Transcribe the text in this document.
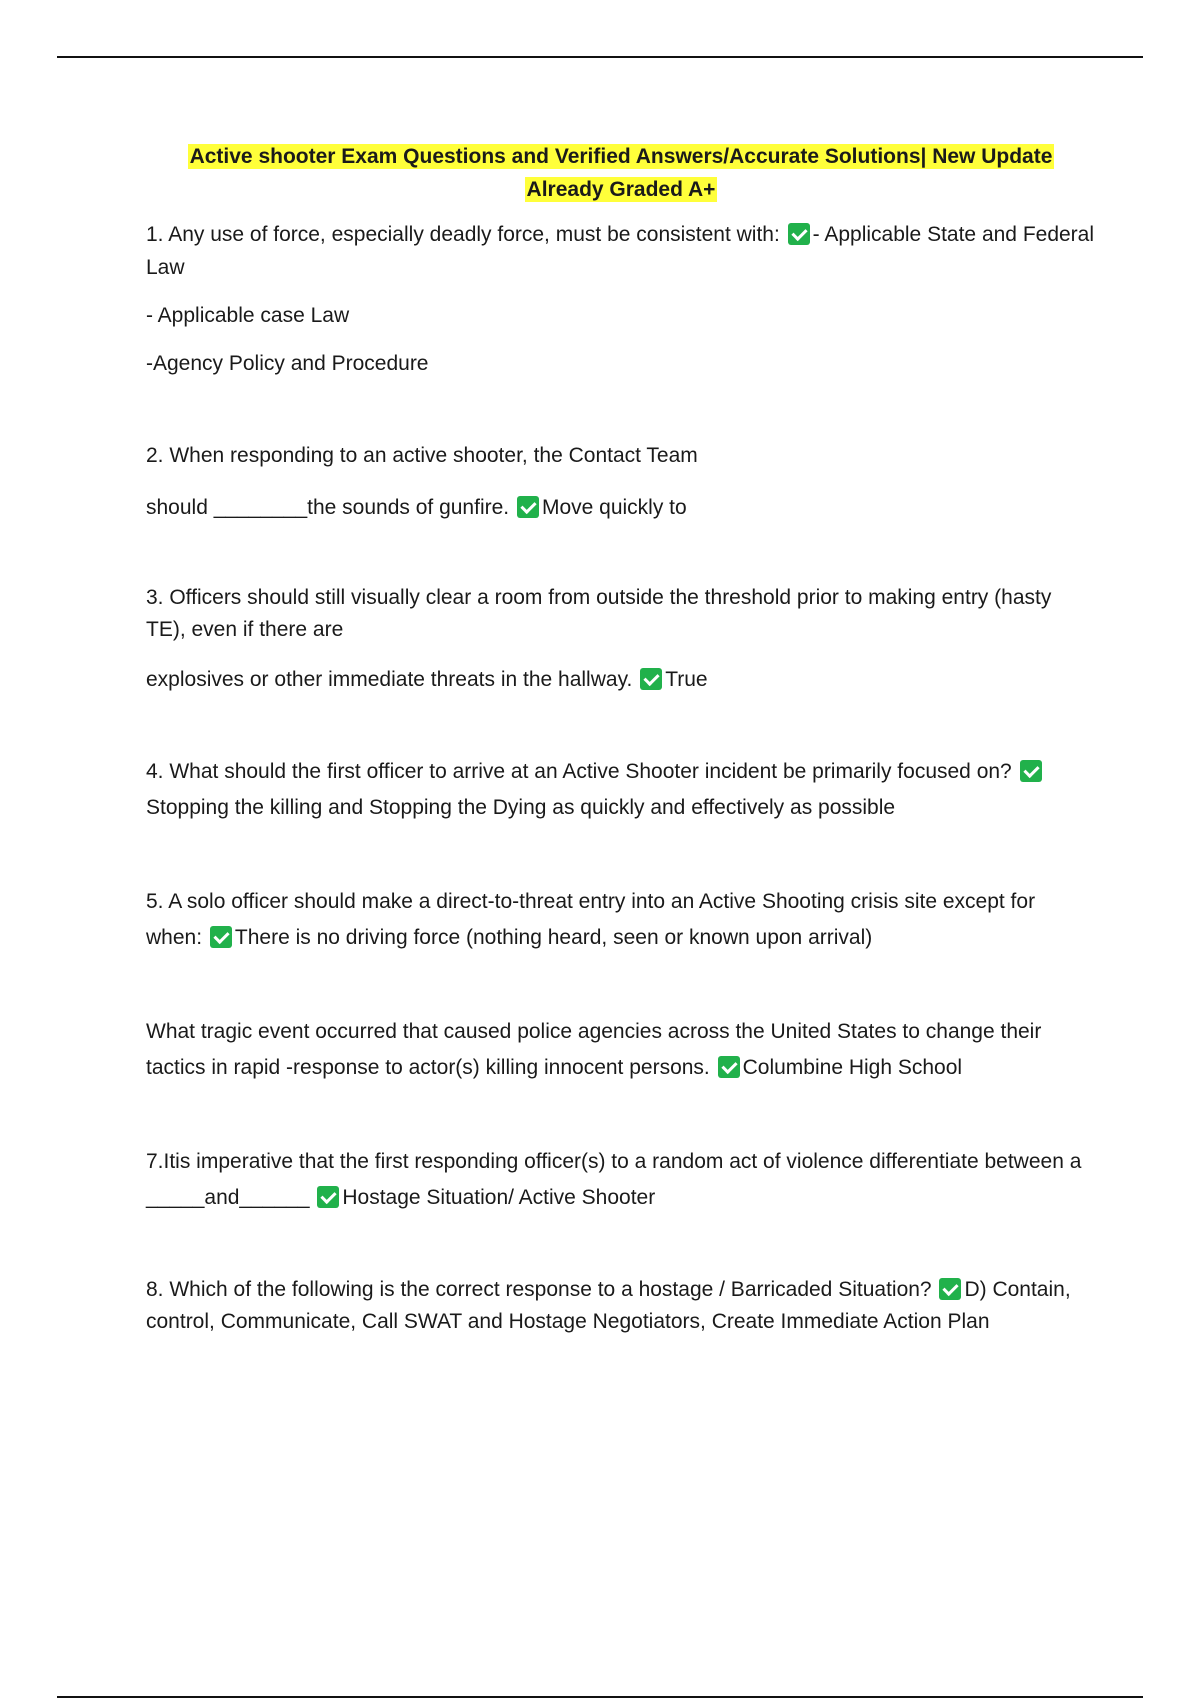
Active shooter Exam Questions and Verified Answers/Accurate Solutions| New Update
Already Graded A+

1. Any use of force, especially deadly force, must be consistent with: - Applicable State and Federal Law

- Applicable case Law

-Agency Policy and Procedure

2. When responding to an active shooter, the Contact Team

should ________the sounds of gunfire. Move quickly to

3. Officers should still visually clear a room from outside the threshold prior to making entry (hasty TE), even if there are

explosives or other immediate threats in the hallway. True

4. What should the first officer to arrive at an Active Shooter incident be primarily focused on? Stopping the killing and Stopping the Dying as quickly and effectively as possible

5. A solo officer should make a direct-to-threat entry into an Active Shooting crisis site except for when: There is no driving force (nothing heard, seen or known upon arrival)

What tragic event occurred that caused police agencies across the United States to change their tactics in rapid -response to actor(s) killing innocent persons. Columbine High School

7.Itis imperative that the first responding officer(s) to a random act of violence differentiate between a _____and______ Hostage Situation/ Active Shooter

8. Which of the following is the correct response to a hostage / Barricaded Situation? D) Contain, control, Communicate, Call SWAT and Hostage Negotiators, Create Immediate Action Plan
